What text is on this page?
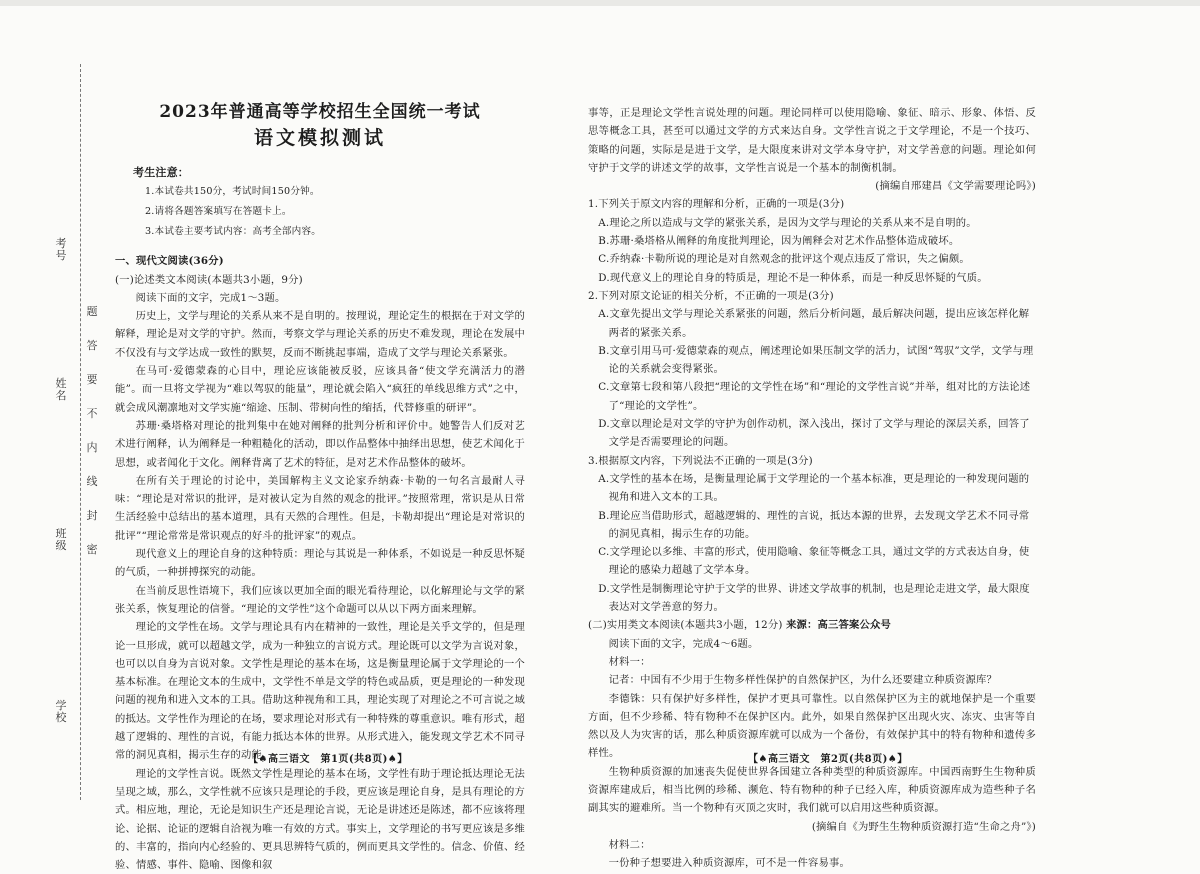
考号
姓名
班级
学校
题
答
要
不
内
线
封
密
2023年普通高等学校招生全国统一考试
语文模拟测试
考生注意：
1.本试卷共150分，考试时间150分钟。
2.请将各题答案填写在答题卡上。
3.本试卷主要考试内容：高考全部内容。
一、现代文阅读(36分)
(一)论述类文本阅读(本题共3小题，9分)

阅读下面的文字，完成1～3题。

历史上，文学与理论的关系从来不是自明的。按理说，理论定生的根据在于对文学的解释，理论是对文学的守护。然而，考察文学与理论关系的历史不难发现，理论在发展中不仅没有与文学达成一致性的默契，反而不断挑起事端，造成了文学与理论关系紧张。

在马可·爱德蒙森的心目中，理论应该能被反驳，应该具备“使文学充满活力的潜能”。而一旦将文学视为“难以驾驭的能量”，理论就会陷入“疯狂的单线思维方式”之中，就会成风潮凛地对文学实施“缩途、压制、带树向性的缩括，代替修重的研评”。

苏珊·桑塔格对理论的批判集中在她对阐释的批判分析和评价中。她警告人们反对艺术进行阐释，认为阐释是一种粗糙化的活动，即以作品整体中抽绎出思想，使艺术闻化于思想，或者闻化于文化。阐释背离了艺术的特征，是对艺术作品整体的破坏。

在所有关于理论的讨论中，美国解构主义文论家乔纳森·卡勒的一句名言最耐人寻味：“理论是对常识的批评，是对被认定为自然的观念的批评。”按照常理，常识是从日常生活经验中总结出的基本道理，具有天然的合理性。但是，卡勒却提出“理论是对常识的批评”“理论常常是常识观点的好斗的批评家”的观点。

现代意义上的理论自身的这种特质：理论与其说是一种体系，不如说是一种反思怀疑的气质，一种拼搏探究的动能。

在当前反思性语境下，我们应该以更加全面的眼光看待理论，以化解理论与文学的紧张关系，恢复理论的信誉。“理论的文学性”这个命题可以从以下两方面来理解。

理论的文学性在场。文学与理论具有内在精神的一致性，理论是关乎文学的，但是理论一旦形成，就可以超越文学，成为一种独立的言说方式。理论既可以文学为言说对象，也可以以自身为言说对象。文学性是理论的基本在场，这是衡量理论属于文学理论的一个基本标准。在理论文本的生成中，文学性不单是文学的特色或品质，更是理论的一种发现问题的视角和进入文本的工具。借助这种视角和工具，理论实现了对理论之不可言说之域的抵达。文学性作为理论的在场，要求理论对形式有一种特殊的尊重意识。唯有形式，超越了逻辑的、理性的言说，有能力抵达本体的世界。从形式进入，能发现文学艺术不同寻常的洞见真相，揭示生存的动能。

理论的文学性言说。既然文学性是理论的基本在场，文学性有助于理论抵达理论无法呈现之域，那么，文学性就不应该只是理论的手段，更应该是理论自身，是具有理论的方式。相应地，理论，无论是知识生产还是理论言说，无论是讲述还是陈述，都不应该将理论、论据、论证的逻辑自洽视为唯一有效的方式。事实上，文学理论的书写更应该是多维的、丰富的，指向内心经验的、更具思辨特气质的，例而更具文学性的。信念、价值、经验、情感、事件、隐喻、图像和叙

【♠高三语文　第1页(共8页)♠】

事等，正是理论文学性言说处理的问题。理论同样可以使用隐喻、象征、暗示、形象、体悟、反思等概念工具，甚至可以通过文学的方式来达自身。文学性言说之于文学理论，不是一个技巧、策略的问题，实际是是进于文学，是大限度来讲对文学本身守护，对文学善意的问题。理论如何守护于文学的讲述文学的故事，文学性言说是一个基本的制衡机制。

(摘编自邢建昌《文学需要理论吗》)
1.下列关于原文内容的理解和分析，正确的一项是(3分)
A.理论之所以造成与文学的紧张关系，是因为文学与理论的关系从来不是自明的。
B.苏珊·桑塔格从阐释的角度批判理论，因为阐释会对艺术作品整体造成破坏。
C.乔纳森·卡勒所说的理论是对自然观念的批评这个观点违反了常识，失之偏颇。
D.现代意义上的理论自身的特质是，理论不是一种体系，而是一种反思怀疑的气质。
2.下列对原文论证的相关分析，不正确的一项是(3分)
A.文章先提出文学与理论关系紧张的问题，然后分析问题，最后解决问题，提出应该怎样化解两者的紧张关系。
B.文章引用马可·爱德蒙森的观点，阐述理论如果压制文学的活力，试图“驾驭”文学，文学与理论的关系就会变得紧张。
C.文章第七段和第八段把“理论的文学性在场”和“理论的文学性言说”并举，组对比的方法论述了“理论的文学性”。
D.文章以理论是对文学的守护为创作动机，深入浅出，探讨了文学与理论的深层关系，回答了文学是否需要理论的问题。
3.根据原文内容，下列说法不正确的一项是(3分)
A.文学性的基本在场，是衡量理论属于文学理论的一个基本标准，更是理论的一种发现问题的视角和进入文本的工具。
B.理论应当借助形式，超越逻辑的、理性的言说，抵达本源的世界，去发现文学艺术不同寻常的洞见真相，揭示生存的功能。
C.文学理论以多维、丰富的形式，使用隐喻、象征等概念工具，通过文学的方式表达自身，使理论的感染力超越了文学本身。
D.文学性是制衡理论守护于文学的世界、讲述文学故事的机制，也是理论走进文学，最大限度表达对文学善意的努力。
(二)实用类文本阅读(本题共3小题，12分) 来源：高三答案公众号

阅读下面的文字，完成4～6题。

材料一：

记者：中国有不少用于生物多样性保护的自然保护区，为什么还要建立种质资源库？

李德铢：只有保护好多样性，保护才更具可靠性。以自然保护区为主的就地保护是一个重要方面，但不少珍稀、特有物种不在保护区内。此外，如果自然保护区出现火灾、冻灾、虫害等自然以及人为灾害的话，那么种质资源库就可以成为一个备份，有效保护其中的特有物种和遗传多样性。

生物种质资源的加速丧失促使世界各国建立各种类型的种质资源库。中国西南野生生物种质资源库建成后，相当比例的珍稀、濒危、特有物种的种子已经入库，种质资源库成为造些种子名副其实的避难所。当一个物种有灭顶之灾时，我们就可以启用这些种质资源。

(摘编自《为野生生物种质资源打造“生命之舟”》)

材料二：

一份种子想要进入种质资源库，可不是一件容易事。

【♠高三语文　第2页(共8页)♠】
